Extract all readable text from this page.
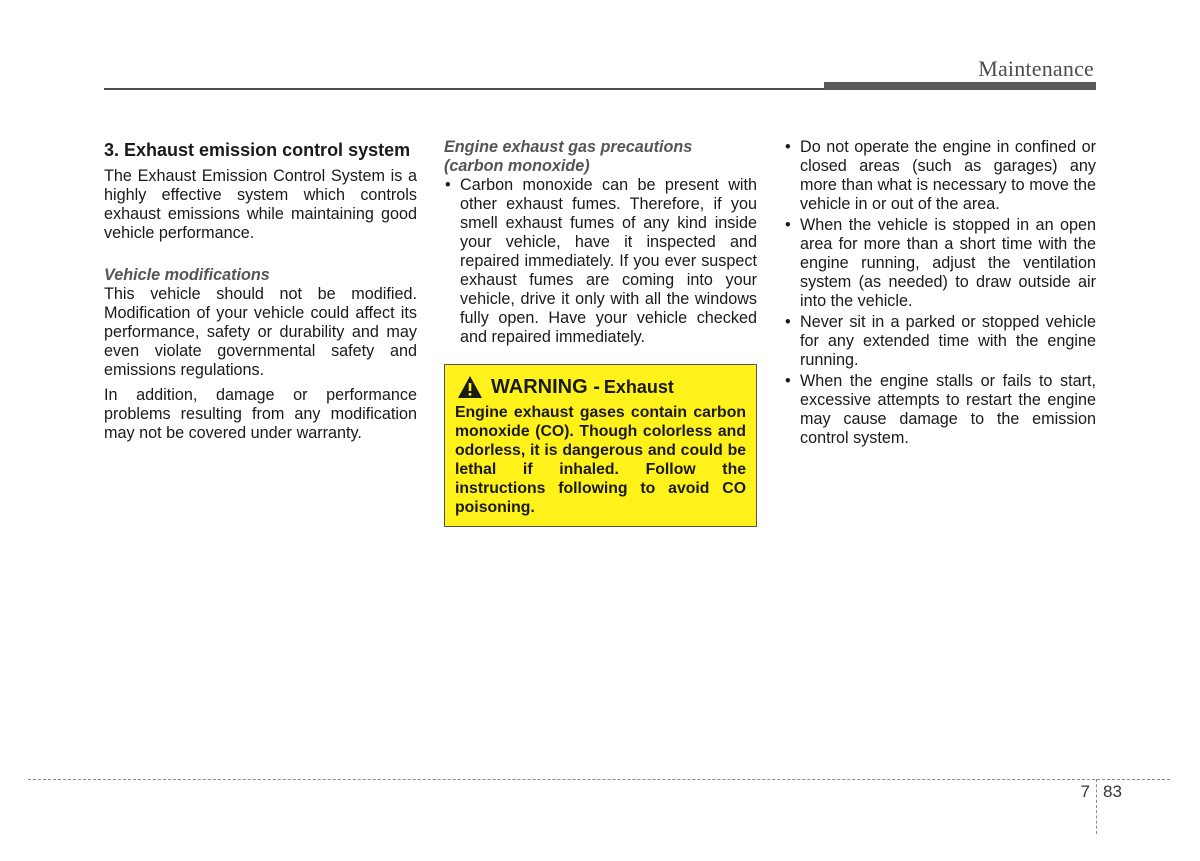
Maintenance
3. Exhaust emission control system

The Exhaust Emission Control System is a highly effective system which controls exhaust emissions while maintaining good vehicle performance.

Vehicle modifications

This vehicle should not be modified. Modification of your vehicle could affect its performance, safety or durability and may even violate governmental safety and emissions regulations.

In addition, damage or performance problems resulting from any modification may not be covered under warranty.

Engine exhaust gas precautions
(carbon monoxide)

• Carbon monoxide can be present with other exhaust fumes. Therefore, if you smell exhaust fumes of any kind inside your vehicle, have it inspected and repaired immediately. If you ever suspect exhaust fumes are coming into your vehicle, drive it only with all the windows fully open. Have your vehicle checked and repaired immediately.
WARNING - Exhaust
Engine exhaust gases contain carbon monoxide (CO). Though colorless and odorless, it is dangerous and could be lethal if inhaled. Follow the instructions following to avoid CO poisoning.
• Do not operate the engine in confined or closed areas (such as garages) any more than what is necessary to move the vehicle in or out of the area.
• When the vehicle is stopped in an open area for more than a short time with the engine running, adjust the ventilation system (as needed) to draw outside air into the vehicle.
• Never sit in a parked or stopped vehicle for any extended time with the engine running.
• When the engine stalls or fails to start, excessive attempts to restart the engine may cause damage to the emission control system.
7 83
